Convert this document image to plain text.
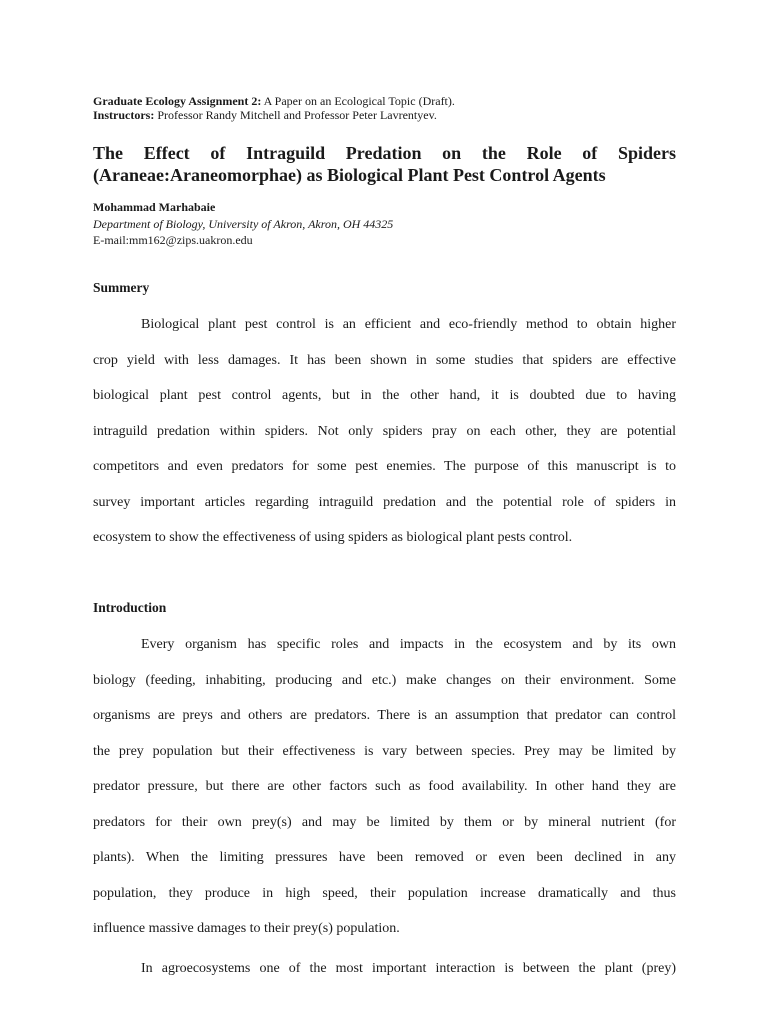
Graduate Ecology Assignment 2: A Paper on an Ecological Topic (Draft).
Instructors: Professor Randy Mitchell and Professor Peter Lavrentyev.
The Effect of Intraguild Predation on the Role of Spiders
(Araneae:Araneomorphae) as Biological Plant Pest Control Agents
Mohammad Marhabaie
Department of Biology, University of Akron, Akron, OH 44325
E-mail:mm162@zips.uakron.edu
Summery
Biological plant pest control is an efficient and eco-friendly method to obtain higher
crop yield with less damages. It has been shown in some studies that spiders are effective
biological plant pest control agents, but in the other hand, it is doubted due to having
intraguild predation within spiders. Not only spiders pray on each other, they are potential
competitors and even predators for some pest enemies. The purpose of this manuscript is to
survey important articles regarding intraguild predation and the potential role of spiders in
ecosystem to show the effectiveness of using spiders as biological plant pests control.
Introduction
Every organism has specific roles and impacts in the ecosystem and by its own
biology (feeding, inhabiting, producing and etc.) make changes on their environment. Some
organisms are preys and others are predators. There is an assumption that predator can control
the prey population but their effectiveness is vary between species. Prey may be limited by
predator pressure, but there are other factors such as food availability. In other hand they are
predators for their own prey(s) and may be limited by them or by mineral nutrient (for
plants). When the limiting pressures have been removed or even been declined in any
population, they produce in high speed, their population increase dramatically and thus
influence massive damages to their prey(s) population.
In agroecosystems one of the most important interaction is between the plant (prey)
